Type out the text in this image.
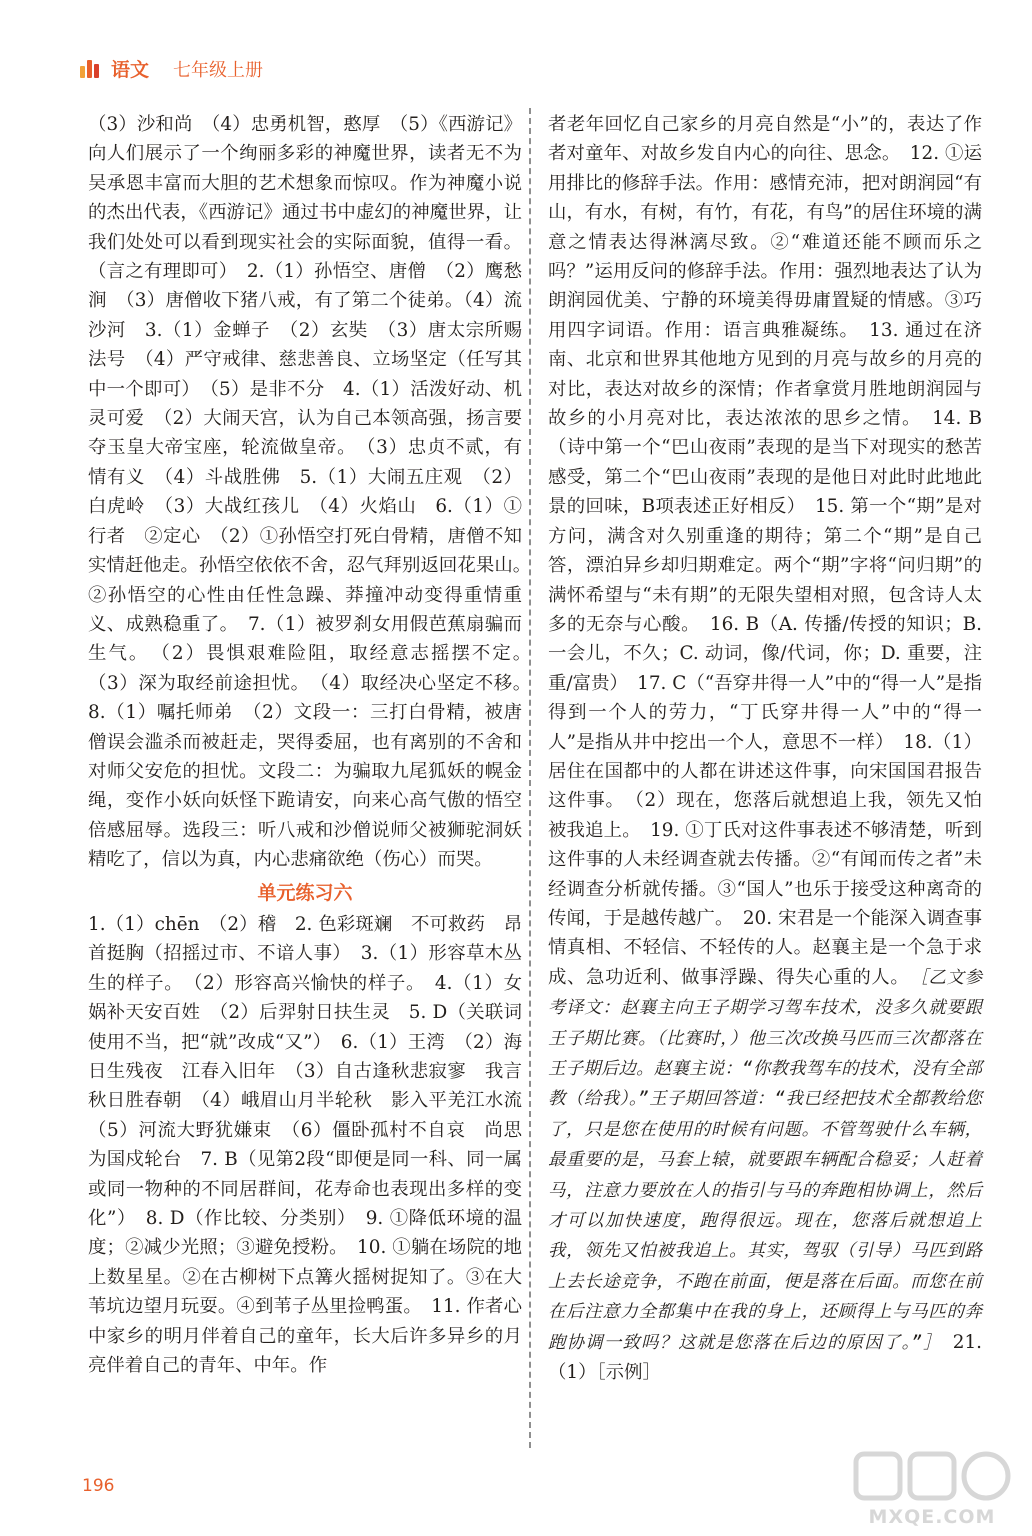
语文 七年级上册

（3）沙和尚　（4）忠勇机智，憨厚　（5）《西游记》向人们展示了一个绚丽多彩的神魔世界，读者无不为吴承恩丰富而大胆的艺术想象而惊叹。作为神魔小说的杰出代表，《西游记》通过书中虚幻的神魔世界，让我们处处可以看到现实社会的实际面貌，值得一看。（言之有理即可）　2.（1）孙悟空、唐僧　（2）鹰愁涧　（3）唐僧收下猪八戒，有了第二个徒弟。（4）流沙河　3.（1）金蝉子　（2）玄奘　（3）唐太宗所赐法号　（4）严守戒律、慈悲善良、立场坚定（任写其中一个即可）　（5）是非不分　4.（1）活泼好动、机灵可爱　（2）大闹天宫，认为自己本领高强，扬言要夺玉皇大帝宝座，轮流做皇帝。　（3）忠贞不贰，有情有义　（4）斗战胜佛　5.（1）大闹五庄观　（2）白虎岭　（3）大战红孩儿　（4）火焰山　6.（1）①行者　②定心　（2）①孙悟空打死白骨精，唐僧不知实情赶他走。孙悟空依依不舍，忍气拜别返回花果山。　②孙悟空的心性由任性急躁、莽撞冲动变得重情重义、成熟稳重了。　7.（1）被罗刹女用假芭蕉扇骗而生气。　（2）畏惧艰难险阻，取经意志摇摆不定。　（3）深为取经前途担忧。　（4）取经决心坚定不移。　8.（1）嘱托师弟　（2）文段一：三打白骨精，被唐僧误会滥杀而被赶走，哭得委屈，也有离别的不舍和对师父安危的担忧。文段二：为骗取九尾狐妖的幌金绳，变作小妖向妖怪下跪请安，向来心高气傲的悟空倍感屈辱。选段三：听八戒和沙僧说师父被狮驼洞妖精吃了，信以为真，内心悲痛欲绝（伤心）而哭。

单元练习六

1.（1）chēn　（2）稽　2. 色彩斑斓　不可救药　昂首挺胸（招摇过市、不谙人事）　3.（1）形容草木丛生的样子。　（2）形容高兴愉快的样子。　4.（1）女娲补天安百姓　（2）后羿射日扶生灵　5. D（关联词使用不当，把“就”改成“又”）　6.（1）王湾　（2）海日生残夜　江春入旧年　（3）自古逢秋悲寂寥　我言秋日胜春朝　（4）峨眉山月半轮秋　影入平羌江水流　（5）河流大野犹嫌束　（6）僵卧孤村不自哀　尚思为国戍轮台　7. B（见第2段“即便是同一科、同一属或同一物种的不同居群间，花寿命也表现出多样的变化”）　8. D（作比较、分类别）　9. ①降低环境的温度；②减少光照；③避免授粉。　10. ①躺在场院的地上数星星。②在古柳树下点篝火摇树捉知了。③在大苇坑边望月玩耍。④到苇子丛里捡鸭蛋。　11. 作者心中家乡的明月伴着自己的童年，长大后许多异乡的月亮伴着自己的青年、中年。作

者老年回忆自己家乡的月亮自然是“小”的，表达了作者对童年、对故乡发自内心的向往、思念。　12. ①运用排比的修辞手法。作用：感情充沛，把对朗润园“有山，有水，有树，有竹，有花，有鸟”的居住环境的满意之情表达得淋漓尽致。②“难道还能不顾而乐之吗？”运用反问的修辞手法。作用：强烈地表达了认为朗润园优美、宁静的环境美得毋庸置疑的情感。③巧用四字词语。作用：语言典雅凝练。　13. 通过在济南、北京和世界其他地方见到的月亮与故乡的月亮的对比，表达对故乡的深情；作者拿赏月胜地朗润园与故乡的小月亮对比，表达浓浓的思乡之情。　14. B（诗中第一个“巴山夜雨”表现的是当下对现实的愁苦感受，第二个“巴山夜雨”表现的是他日对此时此地此景的回味，B项表述正好相反）　15. 第一个“期”是对方问，满含对久别重逢的期待；第二个“期”是自己答，漂泊异乡却归期难定。两个“期”字将“问归期”的满怀希望与“未有期”的无限失望相对照，包含诗人太多的无奈与心酸。　16. B（A. 传播/传授的知识；B. 一会儿，不久；C. 动词，像/代词，你；D. 重要，注重/富贵）　17. C（“吾穿井得一人”中的“得一人”是指得到一个人的劳力，“丁氏穿井得一人”中的“得一人”是指从井中挖出一个人，意思不一样）　18.（1）居住在国都中的人都在讲述这件事，向宋国国君报告这件事。　（2）现在，您落后就想追上我，领先又怕被我追上。　19. ①丁氏对这件事表述不够清楚，听到这件事的人未经调查就去传播。②“有闻而传之者”未经调查分析就传播。③“国人”也乐于接受这种离奇的传闻，于是越传越广。　20. 宋君是一个能深入调查事情真相、不轻信、不轻传的人。赵襄主是一个急于求成、急功近利、做事浮躁、得失心重的人。　［乙文参考译文：赵襄主向王子期学习驾车技术，没多久就要跟王子期比赛。（比赛时，）他三次改换马匹而三次都落在王子期后边。赵襄主说：“你教我驾车的技术，没有全部教（给我）。”王子期回答道：“我已经把技术全都教给您了，只是您在使用的时候有问题。不管驾驶什么车辆，最重要的是，马套上辕，就要跟车辆配合稳妥；人赶着马，注意力要放在人的指引与马的奔跑相协调上，然后才可以加快速度，跑得很远。现在，您落后就想追上我，领先又怕被我追上。其实，驾驭（引导）马匹到路上去长途竞争，不跑在前面，便是落在后面。而您在前在后注意力全都集中在我的身上，还顾得上与马匹的奔跑协调一致吗？这就是您落在后边的原因了。”］　21.（1）［示例］

196
MXQE.COM
